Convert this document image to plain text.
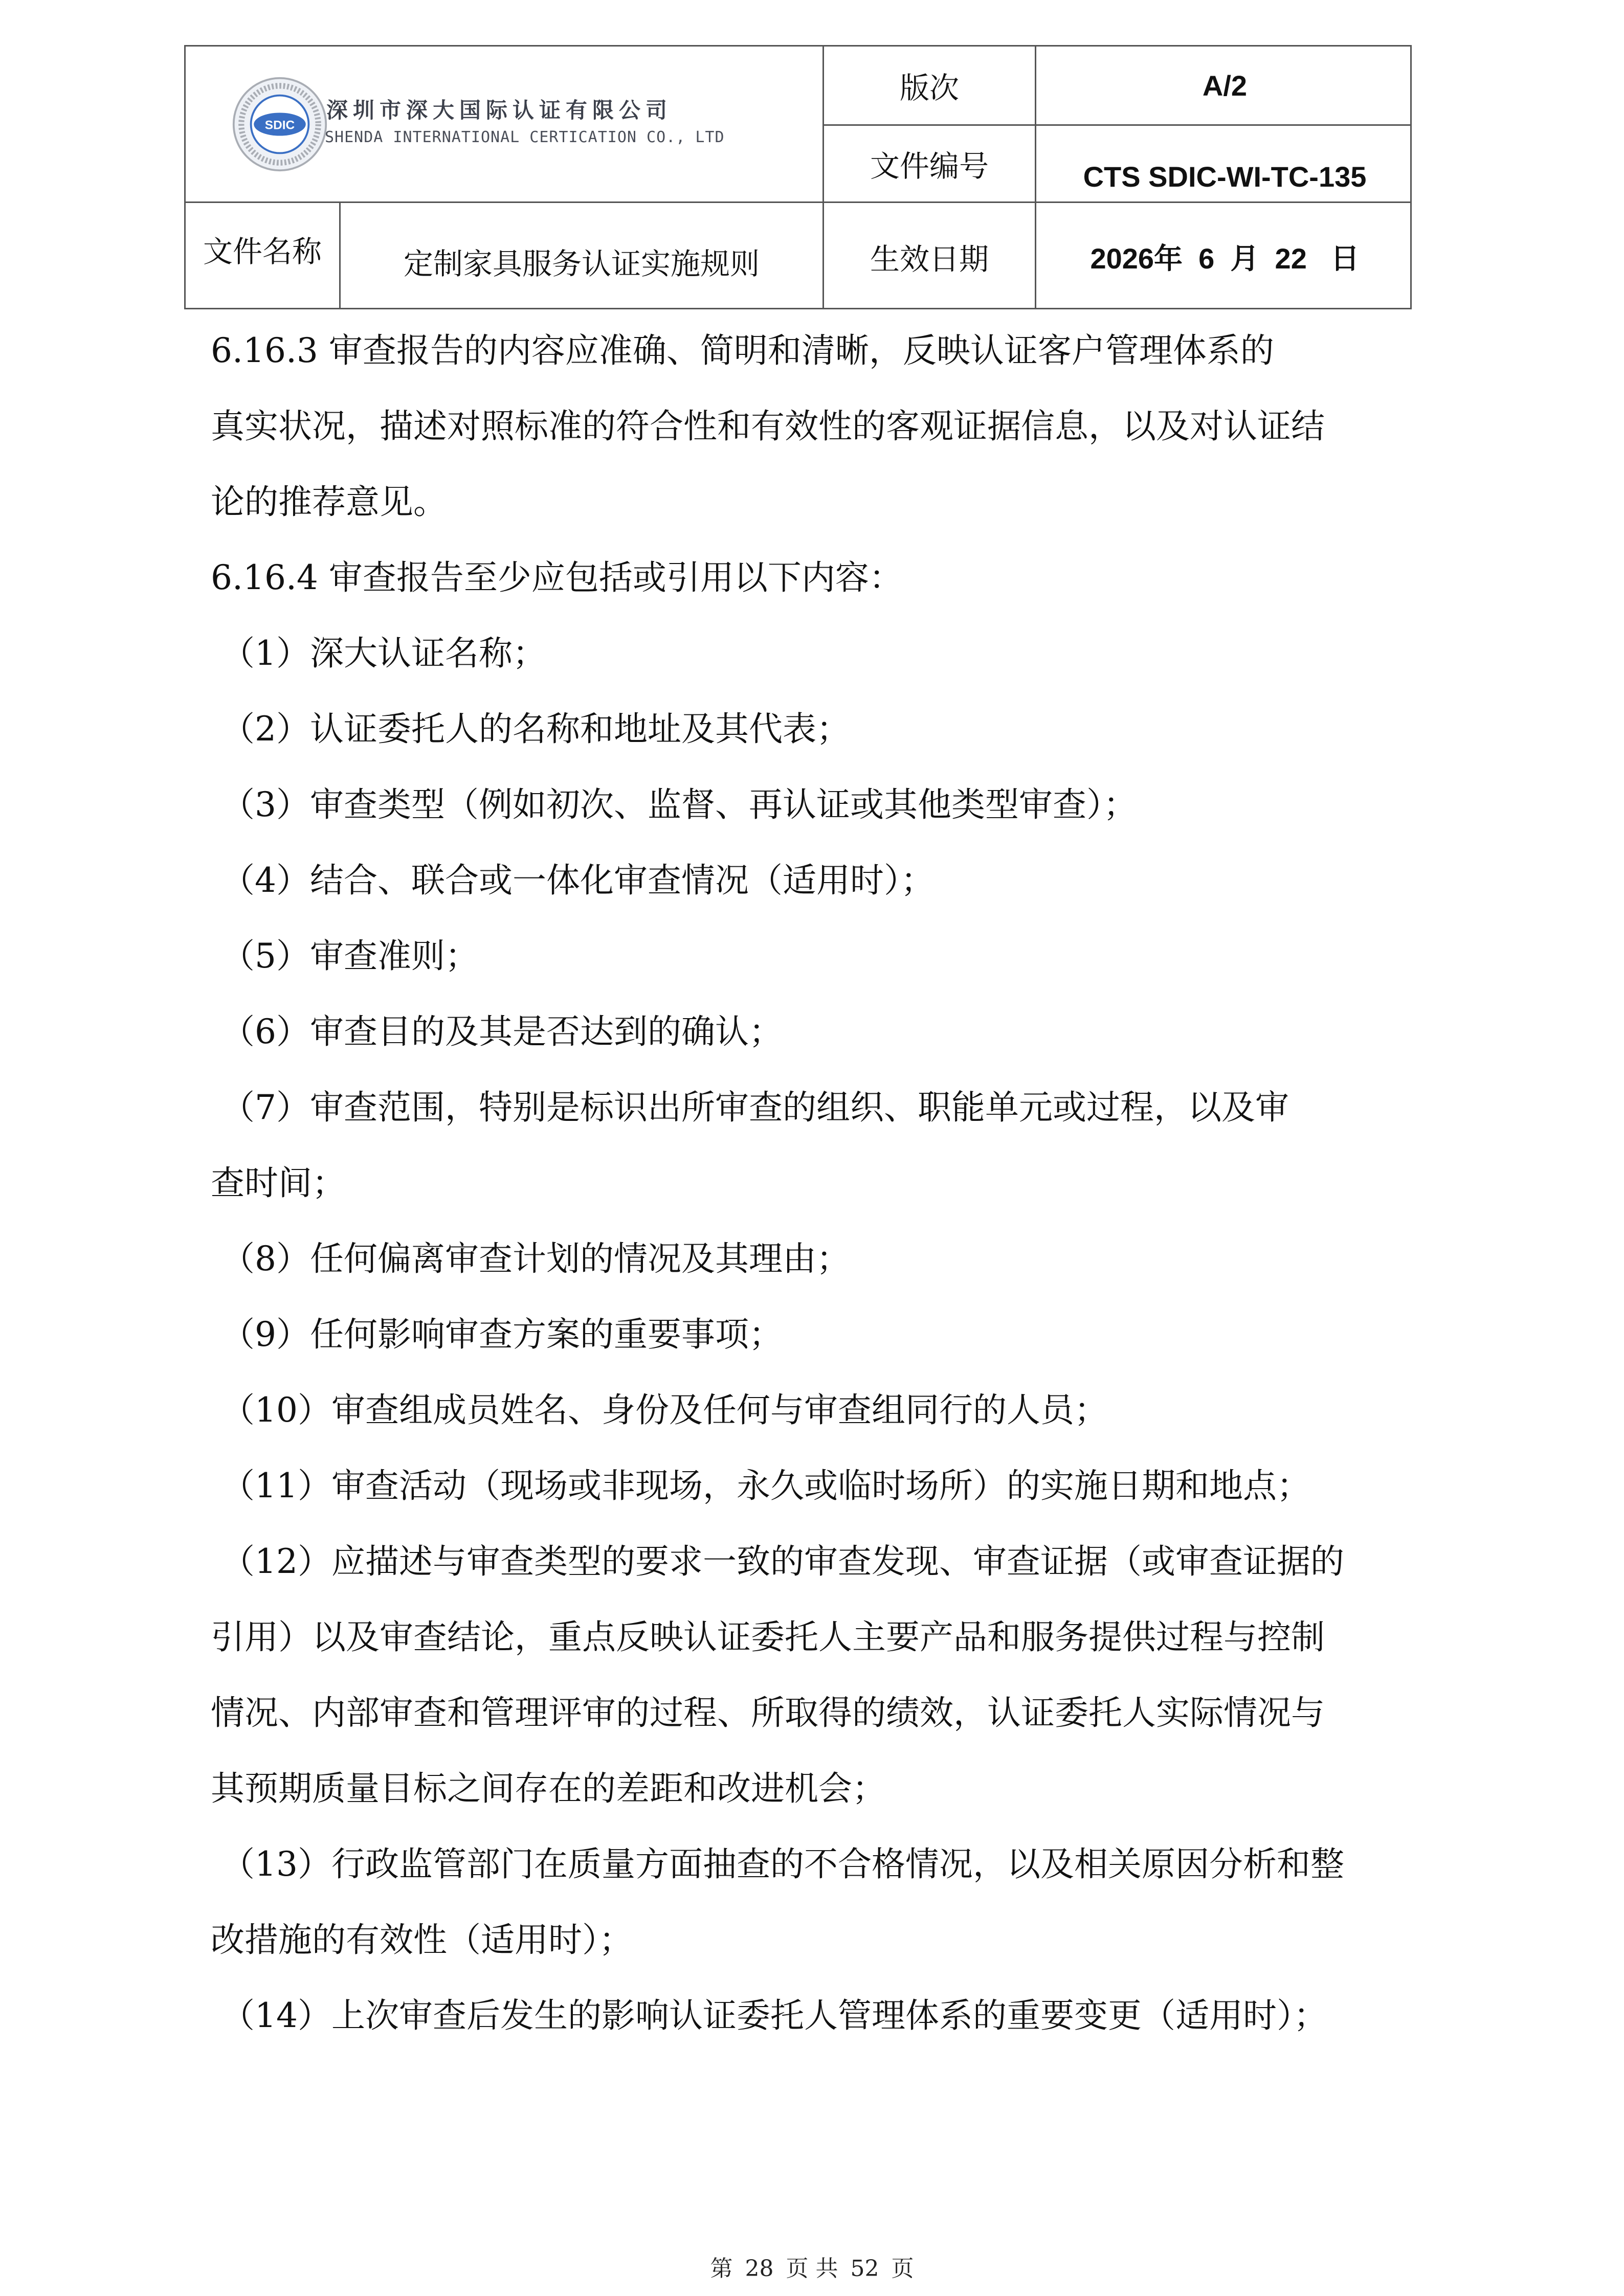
SDIC
深圳市深大国际认证有限公司
SHENDA INTERNATIONAL CERTICATION CO., LTD
版次	A/2
文件编号	CTS SDIC-WI-TC-135
文件名称	定制家具服务认证实施规则	生效日期	2026年  6  月  22   日
6.16.3 审查报告的内容应准确、简明和清晰，反映认证客户管理体系的
真实状况，描述对照标准的符合性和有效性的客观证据信息，以及对认证结
论的推荐意见。
6.16.4 审查报告至少应包括或引用以下内容：
（1）深大认证名称；
（2）认证委托人的名称和地址及其代表；
（3）审查类型（例如初次、监督、再认证或其他类型审查）；
（4）结合、联合或一体化审查情况（适用时）；
（5）审查准则；
（6）审查目的及其是否达到的确认；
（7）审查范围，特别是标识出所审查的组织、职能单元或过程，以及审
查时间；
（8）任何偏离审查计划的情况及其理由；
（9）任何影响审查方案的重要事项；
（10）审查组成员姓名、身份及任何与审查组同行的人员；
（11）审查活动（现场或非现场，永久或临时场所）的实施日期和地点；
（12）应描述与审查类型的要求一致的审查发现、审查证据（或审查证据的
引用）以及审查结论，重点反映认证委托人主要产品和服务提供过程与控制
情况、内部审查和管理评审的过程、所取得的绩效，认证委托人实际情况与
其预期质量目标之间存在的差距和改进机会；
（13）行政监管部门在质量方面抽查的不合格情况，以及相关原因分析和整
改措施的有效性（适用时）；
（14）上次审查后发生的影响认证委托人管理体系的重要变更（适用时）；
第 28 页 共 52 页
